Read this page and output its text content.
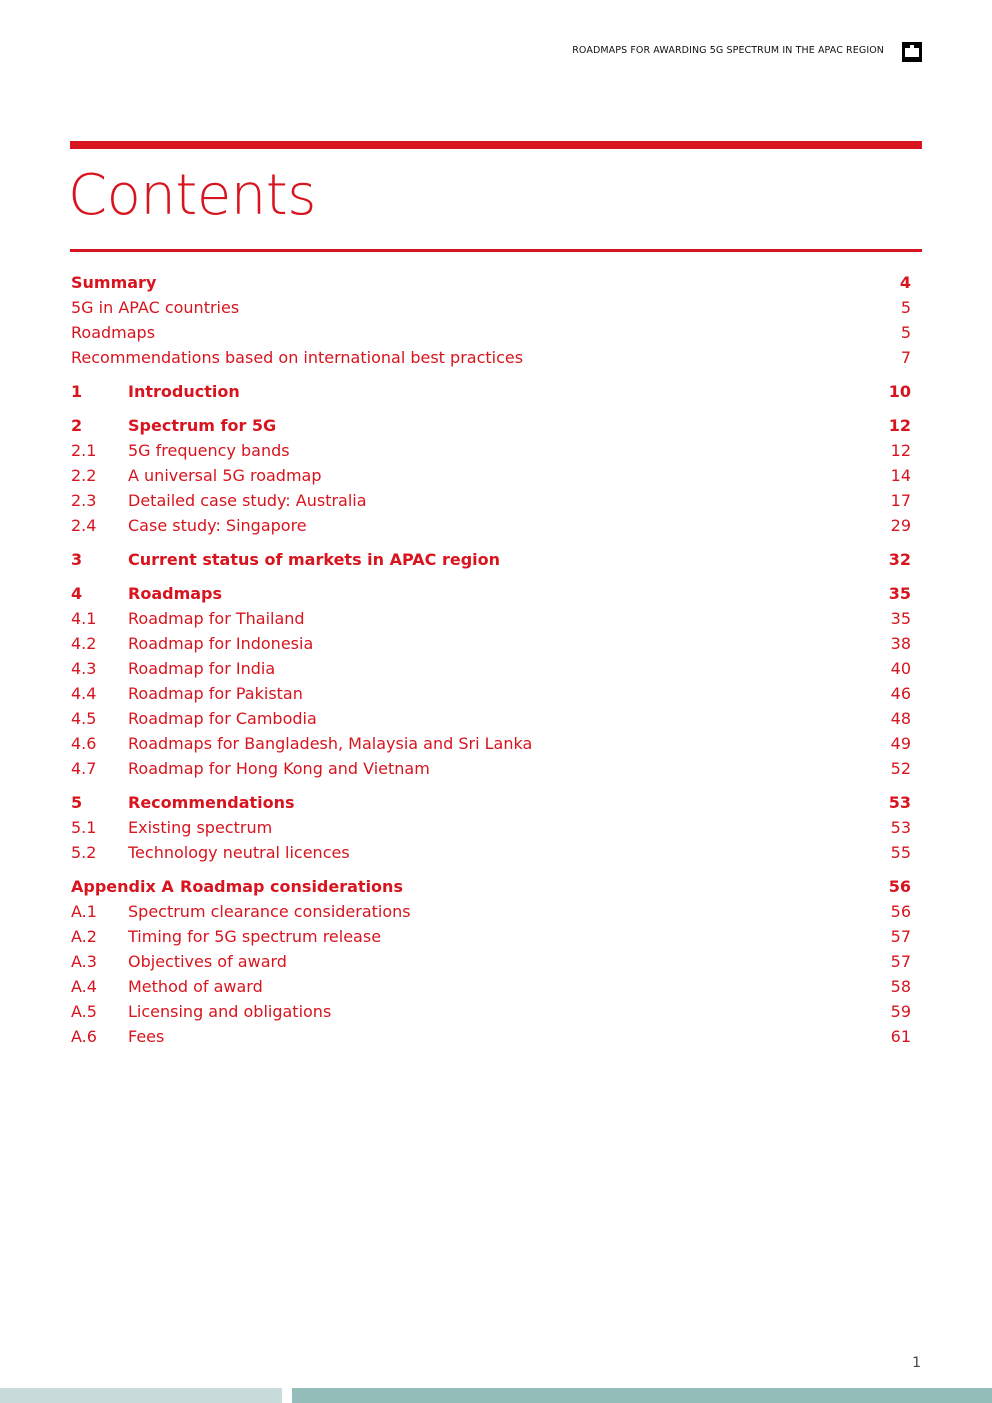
ROADMAPS FOR AWARDING 5G SPECTRUM IN THE APAC REGION
Contents
Summary	4
5G in APAC countries	5
Roadmaps	5
Recommendations based on international best practices	7
1	Introduction	10
2	Spectrum for 5G	12
2.1 5G frequency bands	12
2.2 A universal 5G roadmap	14
2.3 Detailed case study: Australia	17
2.4 Case study: Singapore	29
3	Current status of markets in APAC region	32
4	Roadmaps	35
4.1 Roadmap for Thailand	35
4.2 Roadmap for Indonesia	38
4.3 Roadmap for India	40
4.4 Roadmap for Pakistan	46
4.5 Roadmap for Cambodia	48
4.6 Roadmaps for Bangladesh, Malaysia and Sri Lanka	49
4.7 Roadmap for Hong Kong and Vietnam	52
5	Recommendations	53
5.1 Existing spectrum	53
5.2 Technology neutral licences	55
Appendix A Roadmap considerations	56
A.1 Spectrum clearance considerations	56
A.2 Timing for 5G spectrum release	57
A.3 Objectives of award	57
A.4 Method of award	58
A.5 Licensing and obligations	59
A.6 Fees	61
1
